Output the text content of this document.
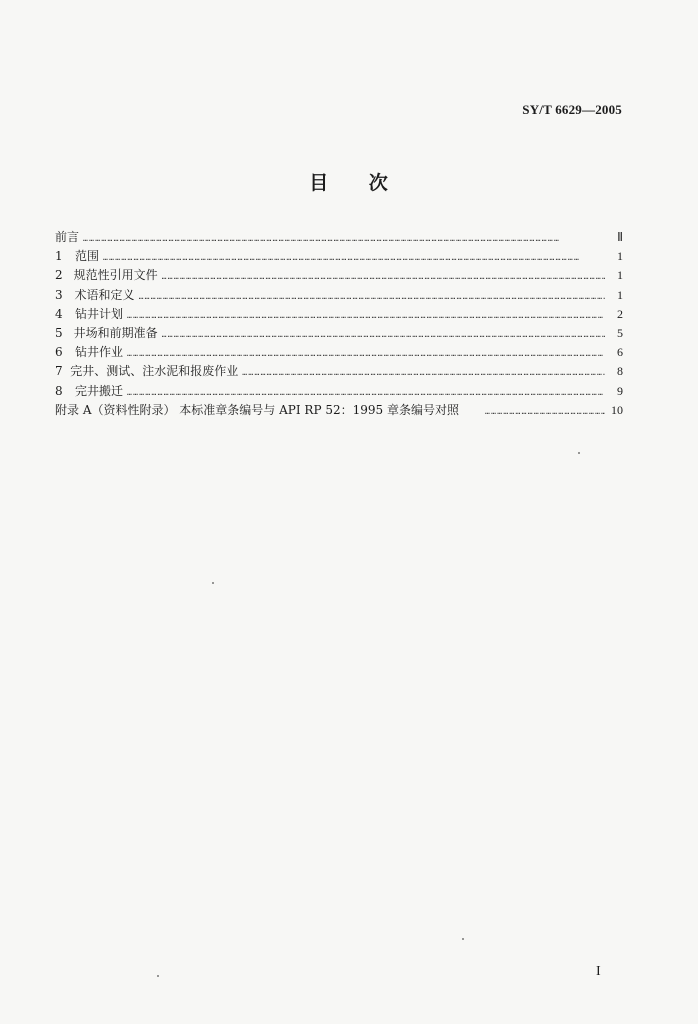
SY/T 6629—2005
目 次
前言 ………………………………………………………………………………………………………………………………………………………………………………………………………………	Ⅱ
1	范围 ………………………………………………………………………………………………………………………………………………………………………………………………………………	1
2 规范性引用文件 ………………………………………………………………………………………………………………………………………………………………………………………………………………	1
3 术语和定义 ………………………………………………………………………………………………………………………………………………………………………………………………………………	1
4	钻井计划 ………………………………………………………………………………………………………………………………………………………………………………………………………………	2
5 井场和前期准备 ………………………………………………………………………………………………………………………………………………………………………………………………………………	5
6	钻井作业 ………………………………………………………………………………………………………………………………………………………………………………………………………………	6
7 完井、测试、注水泥和报废作业 ………………………………………………………………………………………………………………………………………………………………………………………………………………	8
8	完井搬迁 ………………………………………………………………………………………………………………………………………………………………………………………………………………	9
附录 A（资料性附录） 本标准章条编号与 API RP 52：1995 章条编号对照 ………………………………………………………………………………………………………………………………………………………………………………………………………………	10
I
